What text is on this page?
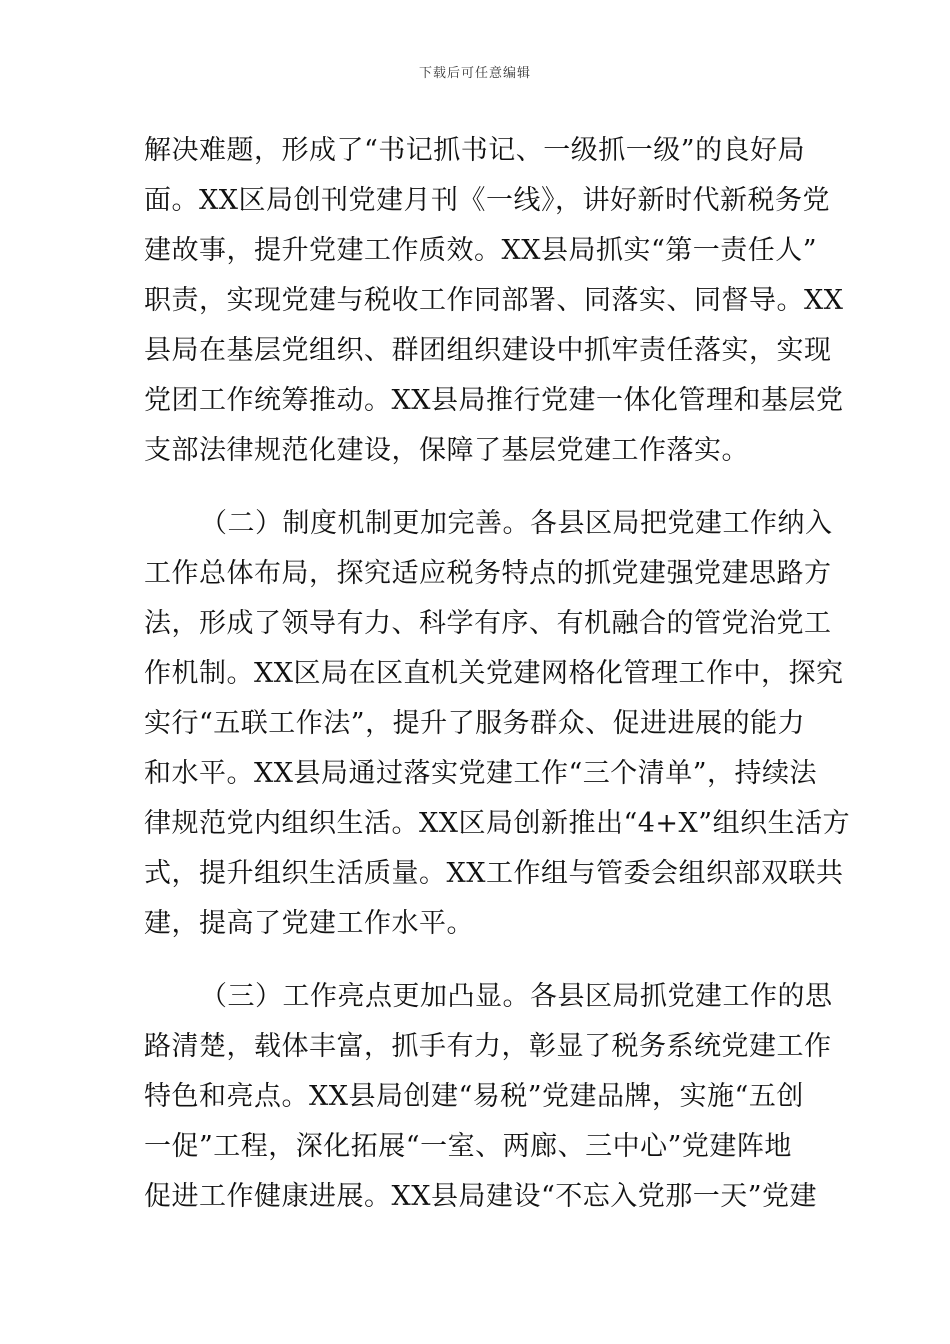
下载后可任意编辑
解决难题，形成了“书记抓书记、一级抓一级”的良好局
面。XX区局创刊党建月刊《一线》，讲好新时代新税务党
建故事，提升党建工作质效。XX县局抓实“第一责任人”
职责，实现党建与税收工作同部署、同落实、同督导。XX
县局在基层党组织、群团组织建设中抓牢责任落实，实现
党团工作统筹推动。XX县局推行党建一体化管理和基层党
支部法律规范化建设，保障了基层党建工作落实。
（二）制度机制更加完善。各县区局把党建工作纳入
工作总体布局，探究适应税务特点的抓党建强党建思路方
法，形成了领导有力、科学有序、有机融合的管党治党工
作机制。XX区局在区直机关党建网格化管理工作中，探究
实行“五联工作法”，提升了服务群众、促进进展的能力
和水平。XX县局通过落实党建工作“三个清单”，持续法
律规范党内组织生活。XX区局创新推出“4+X”组织生活方
式，提升组织生活质量。XX工作组与管委会组织部双联共
建，提高了党建工作水平。
（三）工作亮点更加凸显。各县区局抓党建工作的思
路清楚，载体丰富，抓手有力，彰显了税务系统党建工作
特色和亮点。XX县局创建“易税”党建品牌，实施“五创
一促”工程，深化拓展“一室、两廊、三中心”党建阵地
促进工作健康进展。XX县局建设“不忘入党那一天”党建
